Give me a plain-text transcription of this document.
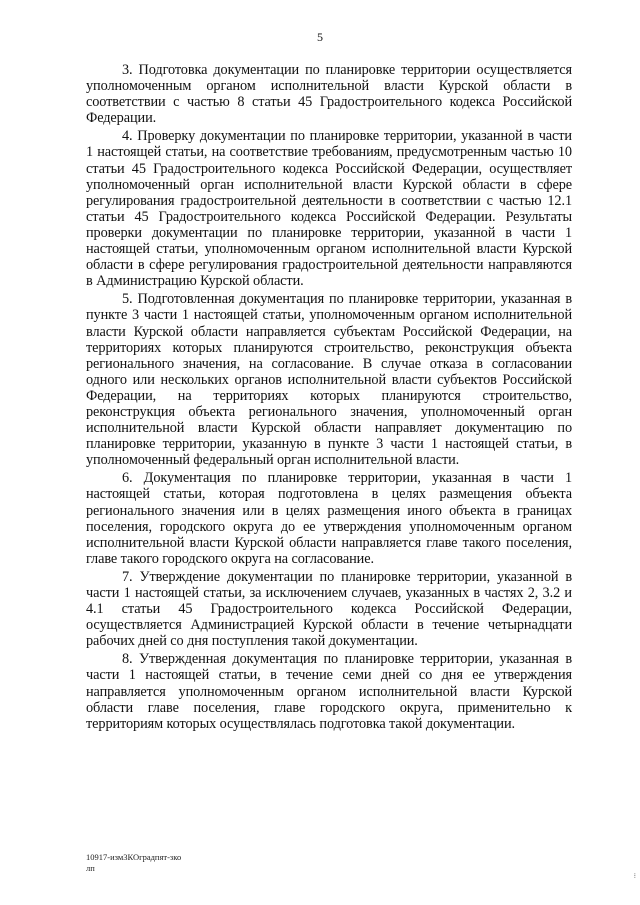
5

3. Подготовка документации по планировке территории осуществляется уполномоченным органом исполнительной власти Курской области в соответствии с частью 8 статьи 45 Градостроительного кодекса Российской Федерации.

4. Проверку документации по планировке территории, указанной в части 1 настоящей статьи, на соответствие требованиям, предусмотренным частью 10 статьи 45 Градостроительного кодекса Российской Федерации, осуществляет уполномоченный орган исполнительной власти Курской области в сфере регулирования градостроительной деятельности в соответствии с частью 12.1 статьи 45 Градостроительного кодекса Российской Федерации. Результаты проверки документации по планировке территории, указанной в части 1 настоящей статьи, уполномоченным органом исполнительной власти Курской области в сфере регулирования градостроительной деятельности направляются в Администрацию Курской области.

5. Подготовленная документация по планировке территории, указанная в пункте 3 части 1 настоящей статьи, уполномоченным органом исполнительной власти Курской области направляется субъектам Российской Федерации, на территориях которых планируются строительство, реконструкция объекта регионального значения, на согласование. В случае отказа в согласовании одного или нескольких органов исполнительной власти субъектов Российской Федерации, на территориях которых планируются строительство, реконструкция объекта регионального значения, уполномоченный орган исполнительной власти Курской области направляет документацию по планировке территории, указанную в пункте 3 части 1 настоящей статьи, в уполномоченный федеральный орган исполнительной власти.

6. Документация по планировке территории, указанная в части 1 настоящей статьи, которая подготовлена в целях размещения объекта регионального значения или в целях размещения иного объекта в границах поселения, городского округа до ее утверждения уполномоченным органом исполнительной власти Курской области направляется главе такого поселения, главе такого городского округа на согласование.

7. Утверждение документации по планировке территории, указанной в части 1 настоящей статьи, за исключением случаев, указанных в частях 2, 3.2 и 4.1 статьи 45 Градостроительного кодекса Российской Федерации, осуществляется Администрацией Курской области в течение четырнадцати рабочих дней со дня поступления такой документации.

8. Утвержденная документация по планировке территории, указанная в части 1 настоящей статьи, в течение семи дней со дня ее утверждения направляется уполномоченным органом исполнительной власти Курской области главе поселения, главе городского округа, применительно к территориям которых осуществлялась подготовка такой документации.

10917-изм3КОградпят-зко
лп
⁝
